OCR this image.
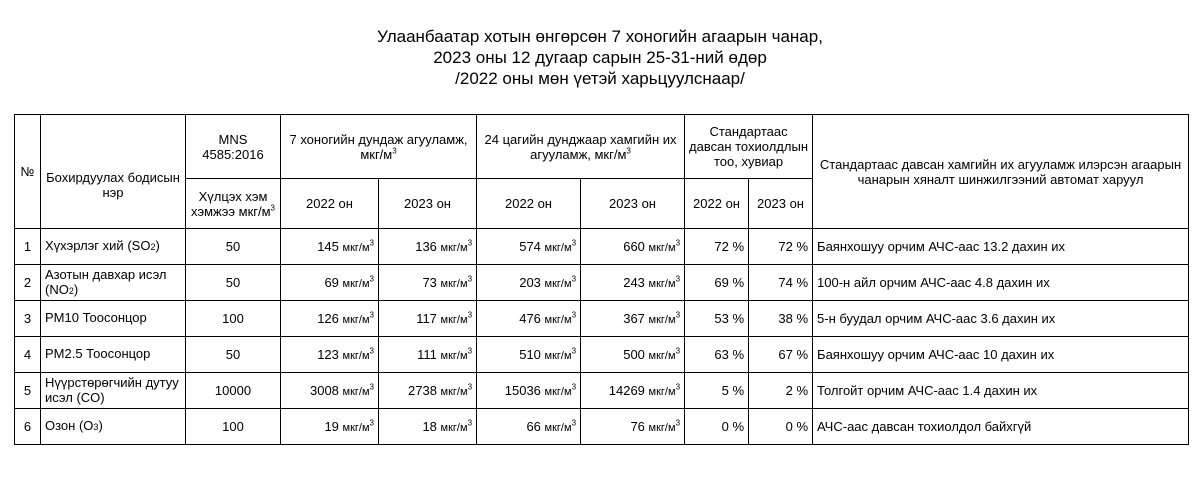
Улаанбаатар хотын өнгөрсөн 7 хоногийн агаарын чанар,
2023 оны 12 дугаар сарын 25-31-ний өдөр
/2022 оны мөн үетэй харьцуулснаар/
№	Бохирдуулах бодисын нэр	MNS 4585:2016	7 хоногийн дундаж агууламж, мкг/$м^3$		24 цагийн дунджаар хамгийн их агууламж, мкг/$м^3$		Стандартаас давсан тохиолдлын тоо, хувиар		Стандартаас давсан хамгийн их агууламж илэрсэн агаарын чанарын хяналт шинжилгээний автомат харуул
		Хүлцэх хэм хэмжээ мкг/$м^3$	2022 он	2023 он	2022 он	2023 он	2022 он	2023 он	
1	Хүхэрлэг хий (SO2)	50	145 мкг/$м^3$	136 мкг/$м^3$	574 мкг/$м^3$	660 мкг/$м^3$	72 %	72 %	Баянхошуу орчим АЧС-аас 13.2 дахин их
2	Азотын давхар исэл (NO2)	50	69 мкг/$м^3$	73 мкг/$м^3$	203 мкг/$м^3$	243 мкг/$м^3$	69 %	74 %	100-н айл орчим АЧС-аас 4.8 дахин их
3	PM10 Тоосонцор	100	126 мкг/$м^3$	117 мкг/$м^3$	476 мкг/$м^3$	367 мкг/$м^3$	53 %	38 %	5-н буудал орчим АЧС-аас 3.6 дахин их
4	PM2.5 Тоосонцор	50	123 мкг/$м^3$	111 мкг/$м^3$	510 мкг/$м^3$	500 мкг/$м^3$	63 %	67 %	Баянхошуу орчим АЧС-аас 10 дахин их
5	Нүүрстөрөгчийн дутуу исэл (CO)	10000	3008 мкг/$м^3$	2738 мкг/$м^3$	15036 мкг/$м^3$	14269 мкг/$м^3$	5 %	2 %	Толгойт орчим АЧС-аас 1.4 дахин их
6	Озон (O3)	100	19 мкг/$м^3$	18 мкг/$м^3$	66 мкг/$м^3$	76 мкг/$м^3$	0 %	0 %	АЧС-аас давсан тохиолдол байхгүй
